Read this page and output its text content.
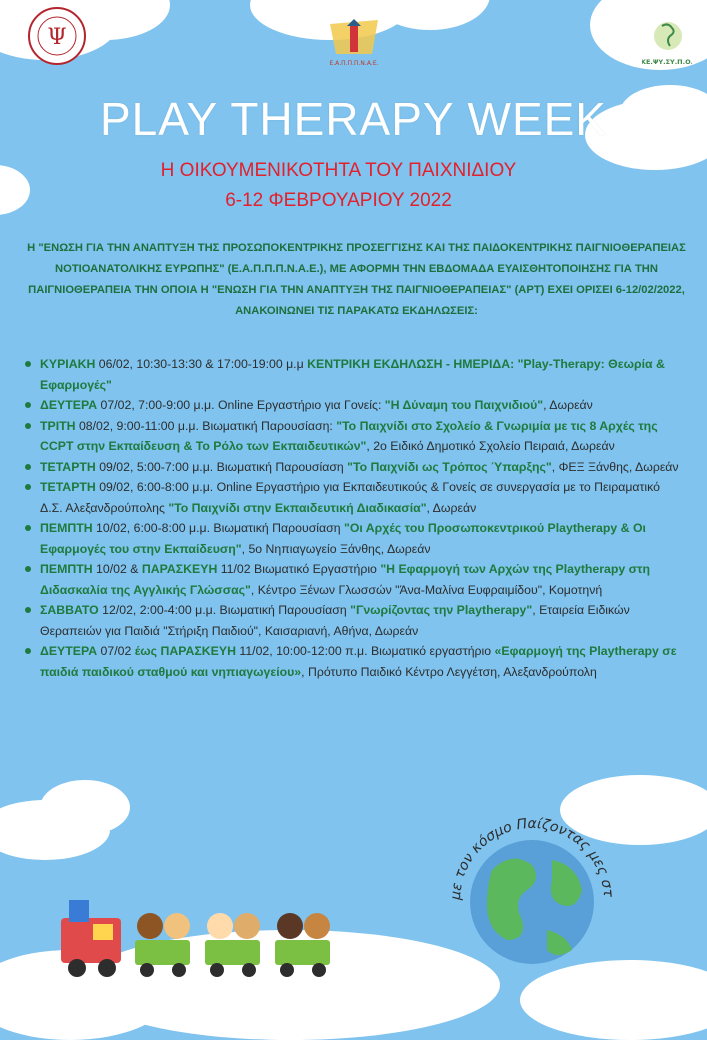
Ψ
Ε.Α.Π.Π.Π.Ν.Α.Ε.	ΚΕ.ΨΥ.ΣΥ.Π.Ο.
PLAY THERAPY WEEK
Η ΟΙΚΟΥΜΕΝΙΚΟΤΗΤΑ ΤΟΥ ΠΑΙΧΝΙΔΙΟΥ
6-12 ΦΕΒΡΟΥΑΡΙΟΥ 2022
Η "ΕΝΩΣΗ ΓΙΑ ΤΗΝ ΑΝΑΠΤΥΞΗ ΤΗΣ ΠΡΟΣΩΠΟΚΕΝΤΡΙΚΗΣ ΠΡΟΣΕΓΓΙΣΗΣ ΚΑΙ ΤΗΣ ΠΑΙΔΟΚΕΝΤΡΙΚΗΣ ΠΑΙΓΝΙΟΘΕΡΑΠΕΙΑΣ ΝΟΤΙΟΑΝΑΤΟΛΙΚΗΣ ΕΥΡΩΠΗΣ" (Ε.Α.Π.Π.Π.Ν.Α.Ε.), ΜΕ ΑΦΟΡΜΗ ΤΗΝ ΕΒΔΟΜΑΔΑ ΕΥΑΙΣΘΗΤΟΠΟΙΗΣΗΣ ΓΙΑ ΤΗΝ ΠΑΙΓΝΙΟΘΕΡΑΠΕΙΑ ΤΗΝ ΟΠΟΙΑ Η "ΕΝΩΣΗ ΓΙΑ ΤΗΝ ΑΝΑΠΤΥΞΗ ΤΗΣ ΠΑΙΓΝΙΟΘΕΡΑΠΕΙΑΣ" (APT) ΕΧΕΙ ΟΡΙΣΕΙ 6-12/02/2022, ΑΝΑΚΟΙΝΩΝΕΙ ΤΙΣ ΠΑΡΑΚΑΤΩ ΕΚΔΗΛΩΣΕΙΣ:
ΚΥΡΙΑΚΗ 06/02, 10:30-13:30 & 17:00-19:00 μ.μ ΚΕΝΤΡΙΚΗ ΕΚΔΗΛΩΣΗ - ΗΜΕΡΙΔΑ: "Play-Therapy: Θεωρία & Εφαρμογές"
ΔΕΥΤΕΡΑ 07/02, 7:00-9:00 μ.μ. Online Εργαστήριο για Γονείς: "Η Δύναμη του Παιχνιδιού", Δωρεάν
ΤΡΙΤΗ 08/02, 9:00-11:00 μ.μ. Βιωματική Παρουσίαση: "Το Παιχνίδι στο Σχολείο & Γνωριμία με τις 8 Αρχές της CCPT στην Εκπαίδευση & Το Ρόλο των Εκπαιδευτικών", 2ο Ειδικό Δημοτικό Σχολείο Πειραιά, Δωρεάν
ΤΕΤΑΡΤΗ 09/02, 5:00-7:00 μ.μ. Βιωματική Παρουσίαση "Το Παιχνίδι ως Τρόπος Ύπαρξης", ΦΕΞ Ξάνθης, Δωρεάν
ΤΕΤΑΡΤΗ 09/02, 6:00-8:00 μ.μ. Online Εργαστήριο για Εκπαιδευτικούς & Γονείς σε συνεργασία με το Πειραματικό Δ.Σ. Αλεξανδρούπολης "Το Παιχνίδι στην Εκπαιδευτική Διαδικασία", Δωρεάν
ΠΕΜΠΤΗ 10/02, 6:00-8:00 μ.μ. Βιωματική Παρουσίαση "Οι Αρχές του Προσωποκεντρικού Playtherapy & Οι Εφαρμογές του στην Εκπαίδευση", 5ο Νηπιαγωγείο Ξάνθης, Δωρεάν
ΠΕΜΠΤΗ 10/02 & ΠΑΡΑΣΚΕΥΗ 11/02 Βιωματικό Εργαστήριο "Η Εφαρμογή των Αρχών της Playtherapy στη Διδασκαλία της Αγγλικής Γλώσσας", Κέντρο Ξένων Γλωσσών "Άνα-Μαλίνα Ευφραιμίδου", Κομοτηνή
ΣΑΒΒΑΤΟ 12/02, 2:00-4:00 μ.μ. Βιωματική Παρουσίαση "Γνωρίζοντας την Playtherapy", Εταιρεία Ειδικών Θεραπειών για Παιδιά "Στήριξη Παιδιού", Καισαριανή, Αθήνα, Δωρεάν
ΔΕΥΤΕΡΑ 07/02 έως ΠΑΡΑΣΚΕΥΗ 11/02, 10:00-12:00 π.μ. Βιωματικό εργαστήριο «Εφαρμογή της Playtherapy σε παιδιά παιδικού σταθμού και νηπιαγωγείου», Πρότυπο Παιδικό Κέντρο Λεγγέτση, Αλεξανδρούπολη
με τον κόσμο Παίζοντας μες στ
